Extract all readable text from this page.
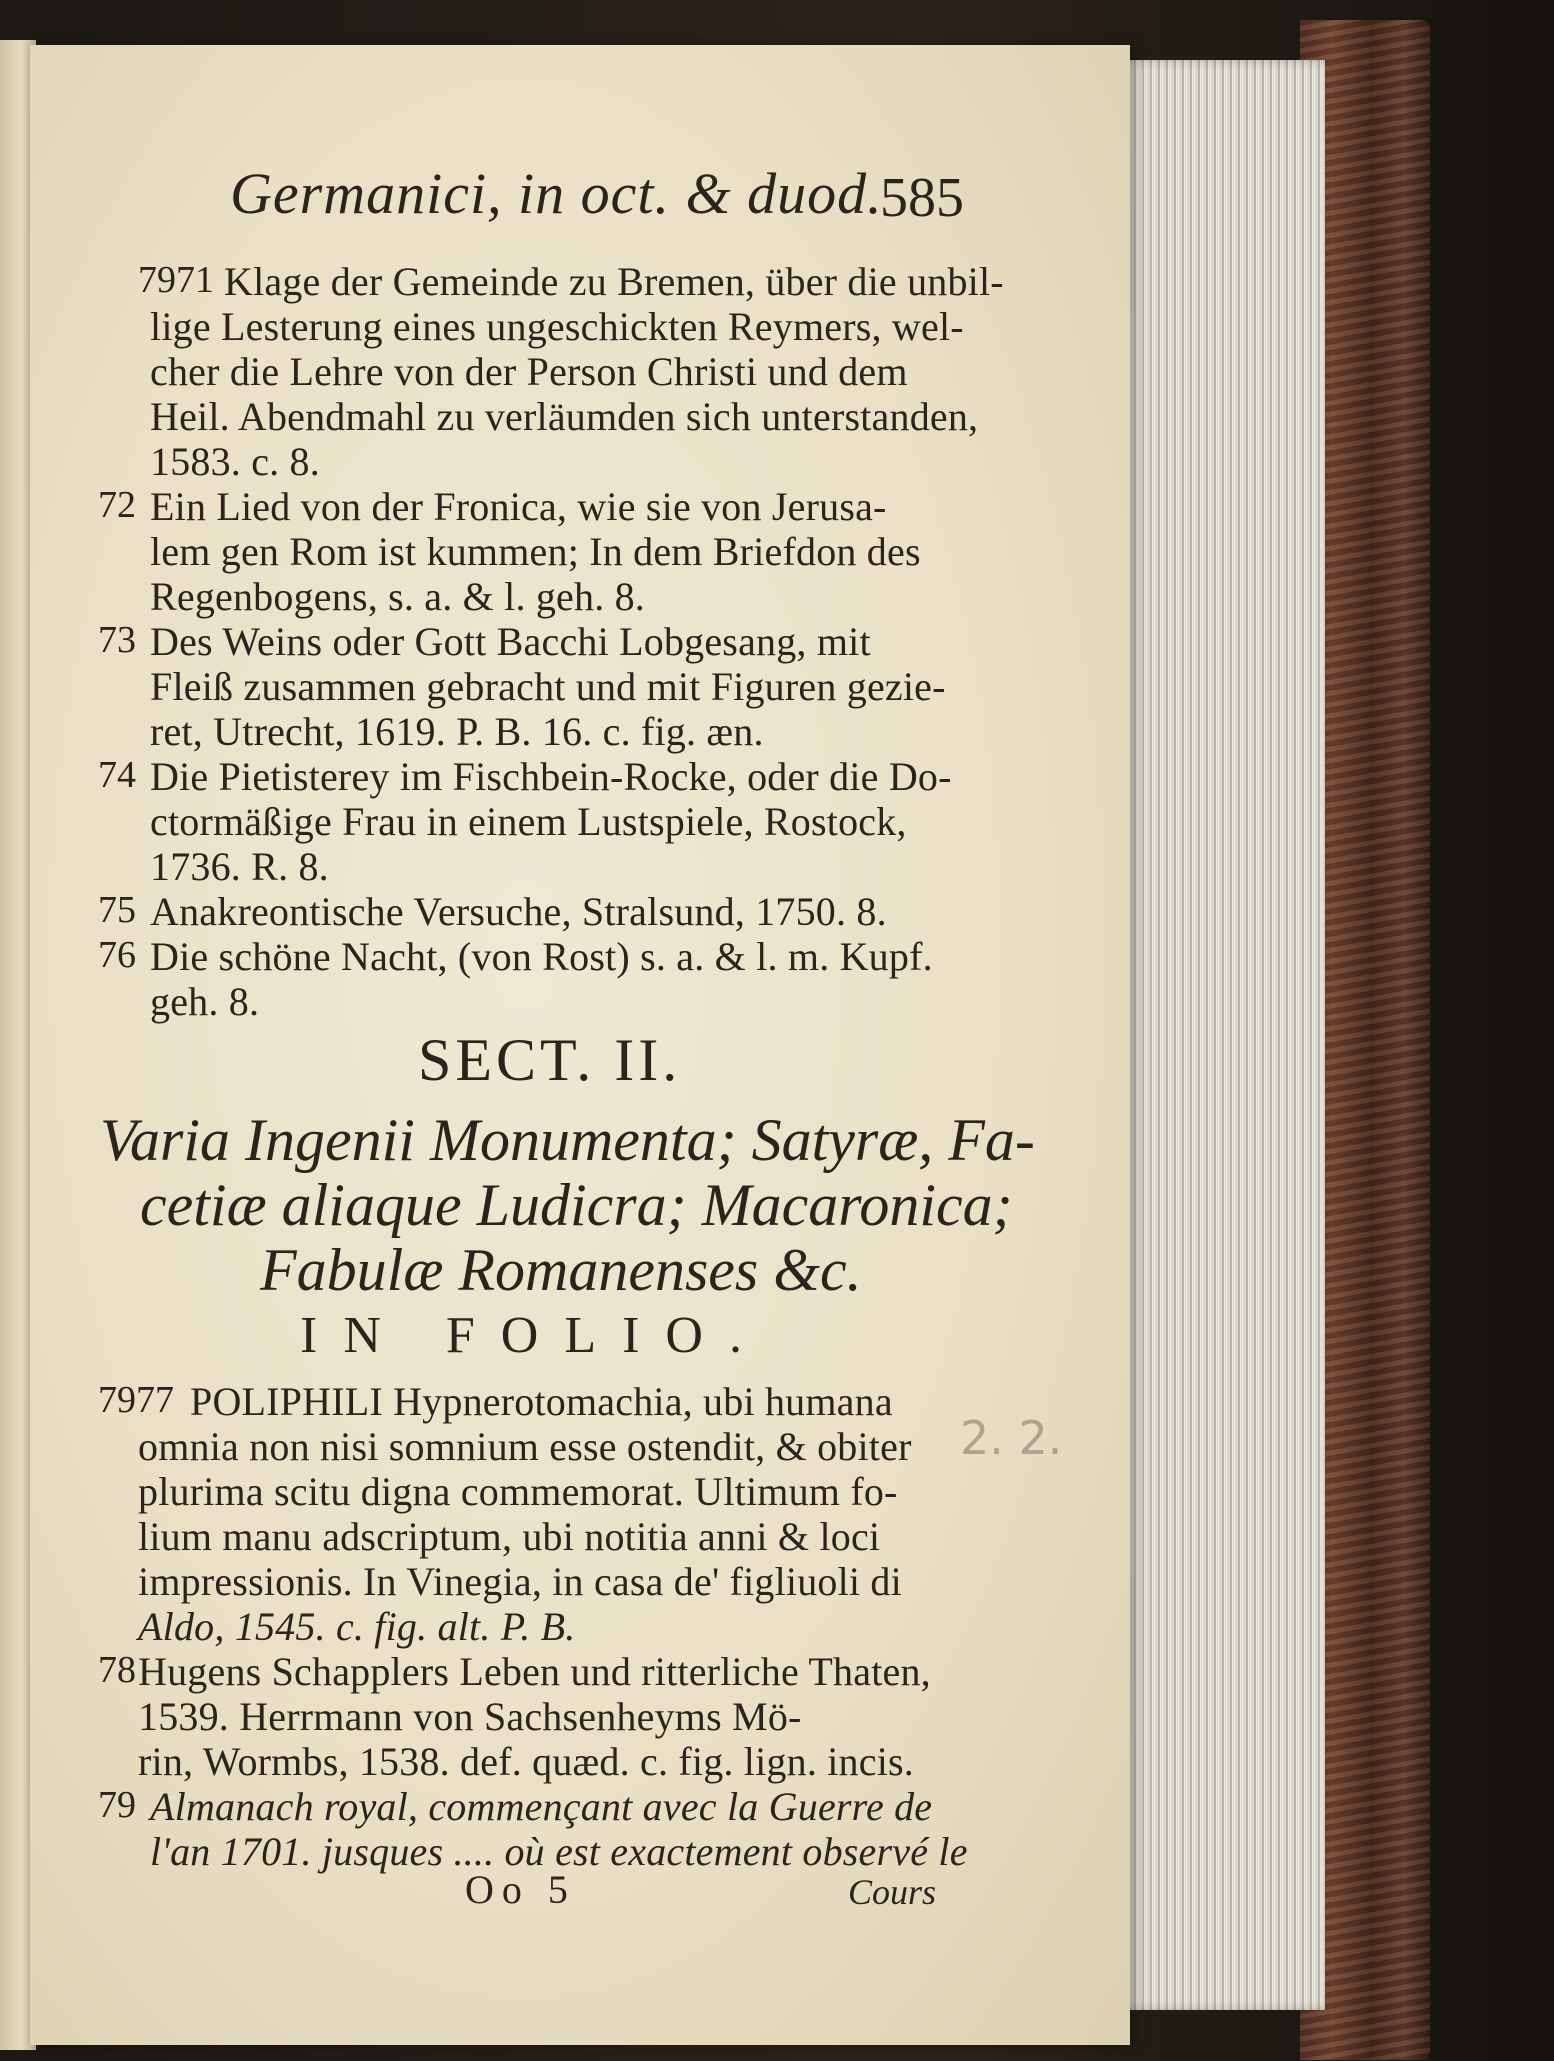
Germanici, in oct. & duod.
585
7971 Klage der Gemeinde zu Bremen, über die unbil-
lige Lesterung eines ungeschickten Reymers, wel-
cher die Lehre von der Person Christi und dem
Heil. Abendmahl zu verläumden sich unterstanden,
1583. c. 8.
72 Ein Lied von der Fronica, wie sie von Jerusa-
lem gen Rom ist kummen; In dem Briefdon des
Regenbogens, s. a. & l. geh. 8.
73 Des Weins oder Gott Bacchi Lobgesang, mit
Fleiß zusammen gebracht und mit Figuren gezie-
ret, Utrecht, 1619. P. B. 16. c. fig. æn.
74 Die Pietisterey im Fischbein-Rocke, oder die Do-
ctormäßige Frau in einem Lustspiele, Rostock,
1736. R. 8.
75 Anakreontische Versuche, Stralsund, 1750. 8.
76 Die schöne Nacht, (von Rost) s. a. & l. m. Kupf.
geh. 8.
SECT. II.
Varia Ingenii Monumenta; Satyræ, Fa-
cetiæ aliaque Ludicra; Macaronica;
Fabulæ Romanenses &c.
IN FOLIO.
7977 POLIPHILI Hypnerotomachia, ubi humana
omnia non nisi somnium esse ostendit, & obiter
plurima scitu digna commemorat. Ultimum fo-
lium manu adscriptum, ubi notitia anni & loci
impressionis. In Vinegia, in casa de' figliuoli di
Aldo, 1545. c. fig. alt. P. B.
78 Hugens Schapplers Leben und ritterliche Thaten,
1539. Herrmann von Sachsenheyms Mö-
rin, Wormbs, 1538. def. quæd. c. fig. lign. incis.
79 Almanach royal, commençant avec la Guerre de
l'an 1701. jusques .... où est exactement observé le
2. 2.
Oo 5	Cours
